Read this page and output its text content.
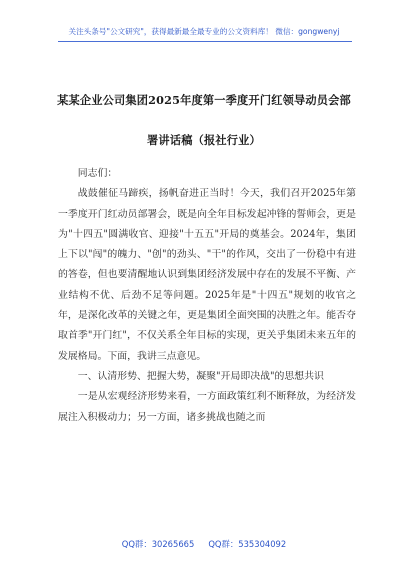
关注头条号"公文研究"，获得最新最全最专业的公文资料库！ 微信：gongwenyj
某某企业公司集团2025年度第一季度开门红领导动员会部
署讲话稿（报社行业）

同志们：

战鼓催征马蹄疾，扬帆奋进正当时！今天，我们召开2025年第一季度开门红动员部署会，既是向全年目标发起冲锋的誓师会，更是为"十四五"圆满收官、迎接"十五五"开局的奠基会。2024年，集团上下以"闯"的魄力、"创"的劲头、"干"的作风，交出了一份稳中有进的答卷，但也要清醒地认识到集团经济发展中存在的发展不平衡、产业结构不优、后劲不足等问题。2025年是"十四五"规划的收官之年，是深化改革的关键之年，更是集团全面突围的决胜之年。能否夺取首季"开门红"，不仅关系全年目标的实现，更关乎集团未来五年的发展格局。下面，我讲三点意见。

一、认清形势、把握大势，凝聚"开局即决战"的思想共识

一是从宏观经济形势来看，一方面政策红利不断释放，为经济发展注入积极动力；另一方面，诸多挑战也随之而

QQ群：30265665 QQ群：535304092
